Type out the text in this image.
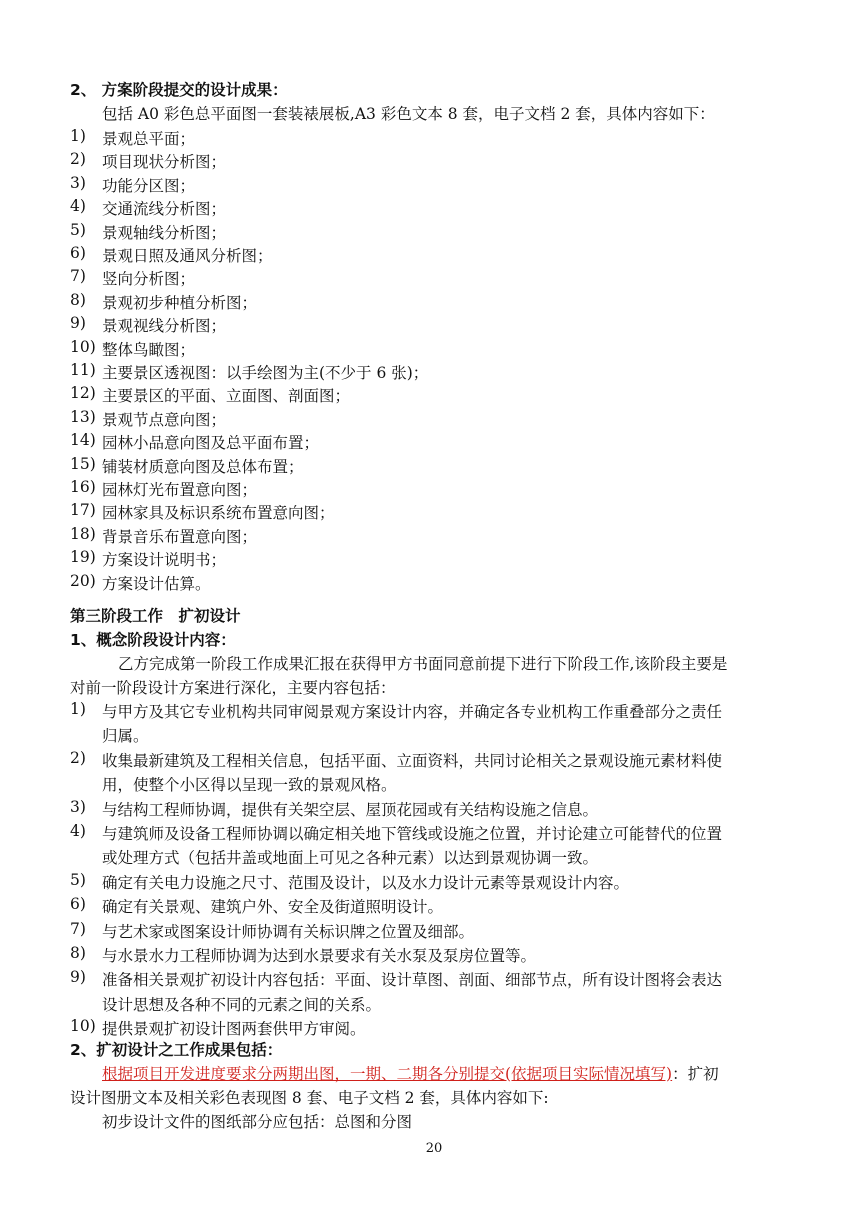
2、 方案阶段提交的设计成果：
包括 A0 彩色总平面图一套装裱展板,A3 彩色文本 8 套，电子文档 2 套，具体内容如下：
1) 景观总平面；
2) 项目现状分析图；
3) 功能分区图；
4) 交通流线分析图；
5) 景观轴线分析图；
6) 景观日照及通风分析图；
7) 竖向分析图；
8) 景观初步种植分析图；
9) 景观视线分析图；
10) 整体鸟瞰图；
11) 主要景区透视图：以手绘图为主(不少于 6 张)；
12) 主要景区的平面、立面图、剖面图；
13) 景观节点意向图；
14) 园林小品意向图及总平面布置；
15) 铺装材质意向图及总体布置；
16) 园林灯光布置意向图；
17) 园林家具及标识系统布置意向图；
18) 背景音乐布置意向图；
19) 方案设计说明书；
20) 方案设计估算。
第三阶段工作　扩初设计
1、概念阶段设计内容：
乙方完成第一阶段工作成果汇报在获得甲方书面同意前提下进行下阶段工作,该阶段主要是
对前一阶段设计方案进行深化，主要内容包括：
1) 与甲方及其它专业机构共同审阅景观方案设计内容，并确定各专业机构工作重叠部分之责任
归属。
2) 收集最新建筑及工程相关信息，包括平面、立面资料，共同讨论相关之景观设施元素材料使
用，使整个小区得以呈现一致的景观风格。
3) 与结构工程师协调，提供有关架空层、屋顶花园或有关结构设施之信息。
4) 与建筑师及设备工程师协调以确定相关地下管线或设施之位置，并讨论建立可能替代的位置
或处理方式（包括井盖或地面上可见之各种元素）以达到景观协调一致。
5) 确定有关电力设施之尺寸、范围及设计，以及水力设计元素等景观设计内容。
6) 确定有关景观、建筑户外、安全及街道照明设计。
7) 与艺术家或图案设计师协调有关标识牌之位置及细部。
8) 与水景水力工程师协调为达到水景要求有关水泵及泵房位置等。
9) 准备相关景观扩初设计内容包括：平面、设计草图、剖面、细部节点，所有设计图将会表达
设计思想及各种不同的元素之间的关系。
10) 提供景观扩初设计图两套供甲方审阅。
2、扩初设计之工作成果包括：
根据项目开发进度要求分两期出图，一期、二期各分别提交(依据项目实际情况填写)：扩初
设计图册文本及相关彩色表现图 8 套、电子文档 2 套，具体内容如下:
初步设计文件的图纸部分应包括：总图和分图
20
